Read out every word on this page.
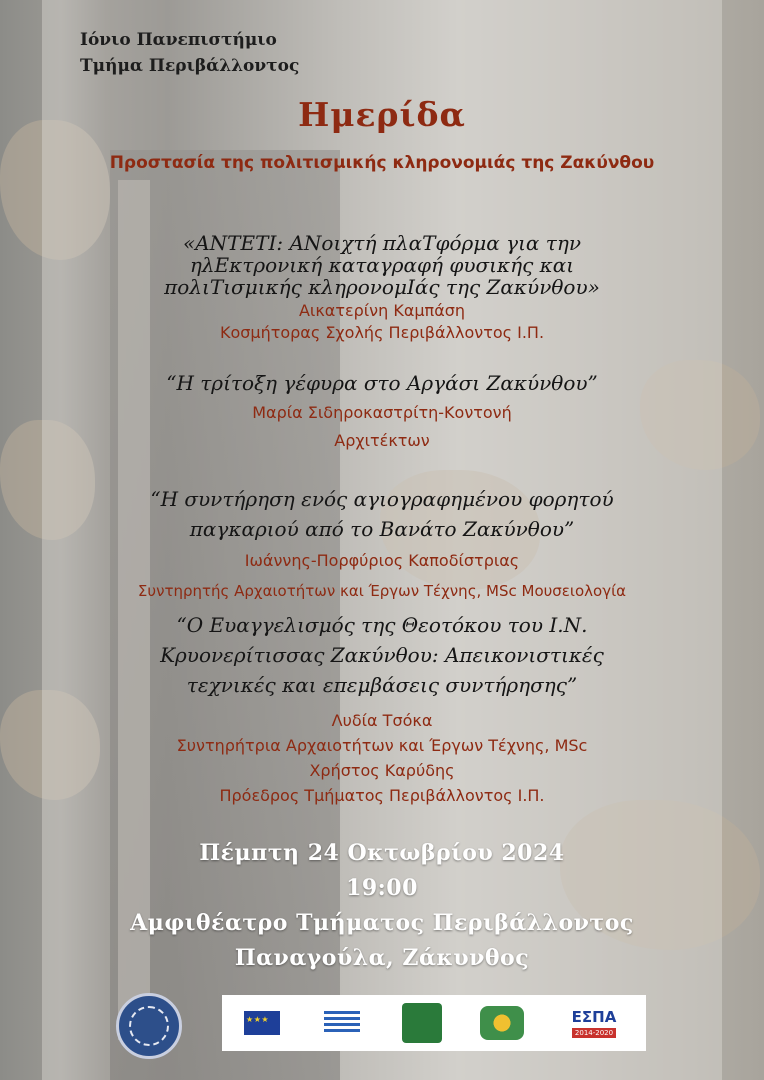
Ιόνιο Πανεπιστήμιο
Τμήμα Περιβάλλοντος
Ημερίδα
Προστασία της πολιτισμικής κληρονομιάς της Ζακύνθου
«ΑΝΤΕΤΙ: ΑΝοιχτή πλαΤφόρμα για την
ηλΕκτρονική καταγραφή φυσικής και
πολιΤισμικής κληρονομΙάς της Ζακύνθου»
Αικατερίνη Καμπάση
Κοσμήτορας Σχολής Περιβάλλοντος Ι.Π.
“Η τρίτοξη γέφυρα στο Αργάσι Ζακύνθου”
Μαρία Σιδηροκαστρίτη-Κοντονή
Αρχιτέκτων
“Η συντήρηση ενός αγιογραφημένου φορητού
παγκαριού από το Βανάτο Ζακύνθου”
Ιωάννης-Πορφύριος Καποδίστριας
Συντηρητής Αρχαιοτήτων και Έργων Τέχνης, MSc Μουσειολογία
“Ο Ευαγγελισμός της Θεοτόκου του Ι.Ν.
Κρυονερίτισσας Ζακύνθου: Απεικονιστικές
τεχνικές και επεμβάσεις συντήρησης”
Λυδία Τσόκα
Συντηρήτρια Αρχαιοτήτων και Έργων Τέχνης, MSc
Χρήστος Καρύδης
Πρόεδρος Τμήματος Περιβάλλοντος Ι.Π.
Πέμπτη 24 Οκτωβρίου 2024
19:00
Αμφιθέατρο Τμήματος Περιβάλλοντος
Παναγούλα, Ζάκυνθος
★ ★ ★
ΕΣΠΑ
2014-2020
